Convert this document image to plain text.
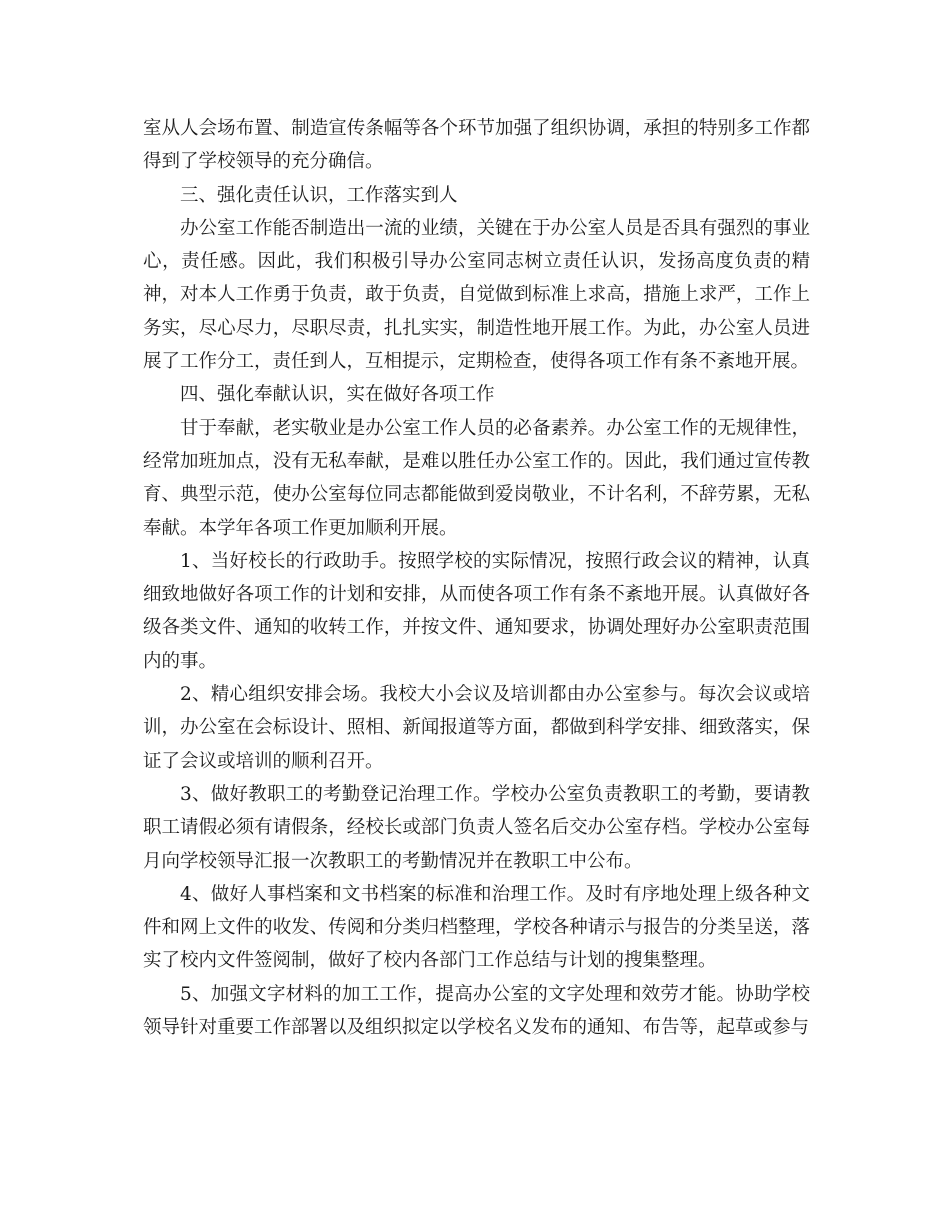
室从人会场布置、制造宣传条幅等各个环节加强了组织协调，承担的特别多工作都得到了学校领导的充分确信。

三、强化责任认识，工作落实到人

办公室工作能否制造出一流的业绩，关键在于办公室人员是否具有强烈的事业心，责任感。因此，我们积极引导办公室同志树立责任认识，发扬高度负责的精神，对本人工作勇于负责，敢于负责，自觉做到标准上求高，措施上求严，工作上务实，尽心尽力，尽职尽责，扎扎实实，制造性地开展工作。为此，办公室人员进展了工作分工，责任到人，互相提示，定期检查，使得各项工作有条不紊地开展。

四、强化奉献认识，实在做好各项工作

甘于奉献，老实敬业是办公室工作人员的必备素养。办公室工作的无规律性，经常加班加点，没有无私奉献，是难以胜任办公室工作的。因此，我们通过宣传教育、典型示范，使办公室每位同志都能做到爱岗敬业，不计名利，不辞劳累，无私奉献。本学年各项工作更加顺利开展。

1、当好校长的行政助手。按照学校的实际情况，按照行政会议的精神，认真细致地做好各项工作的计划和安排，从而使各项工作有条不紊地开展。认真做好各级各类文件、通知的收转工作，并按文件、通知要求，协调处理好办公室职责范围内的事。

2、精心组织安排会场。我校大小会议及培训都由办公室参与。每次会议或培训，办公室在会标设计、照相、新闻报道等方面，都做到科学安排、细致落实，保证了会议或培训的顺利召开。

3、做好教职工的考勤登记治理工作。学校办公室负责教职工的考勤，要请教职工请假必须有请假条，经校长或部门负责人签名后交办公室存档。学校办公室每月向学校领导汇报一次教职工的考勤情况并在教职工中公布。

4、做好人事档案和文书档案的标准和治理工作。及时有序地处理上级各种文件和网上文件的收发、传阅和分类归档整理，学校各种请示与报告的分类呈送，落实了校内文件签阅制，做好了校内各部门工作总结与计划的搜集整理。

5、加强文字材料的加工工作，提高办公室的文字处理和效劳才能。协助学校领导针对重要工作部署以及组织拟定以学校名义发布的通知、布告等，起草或参与
